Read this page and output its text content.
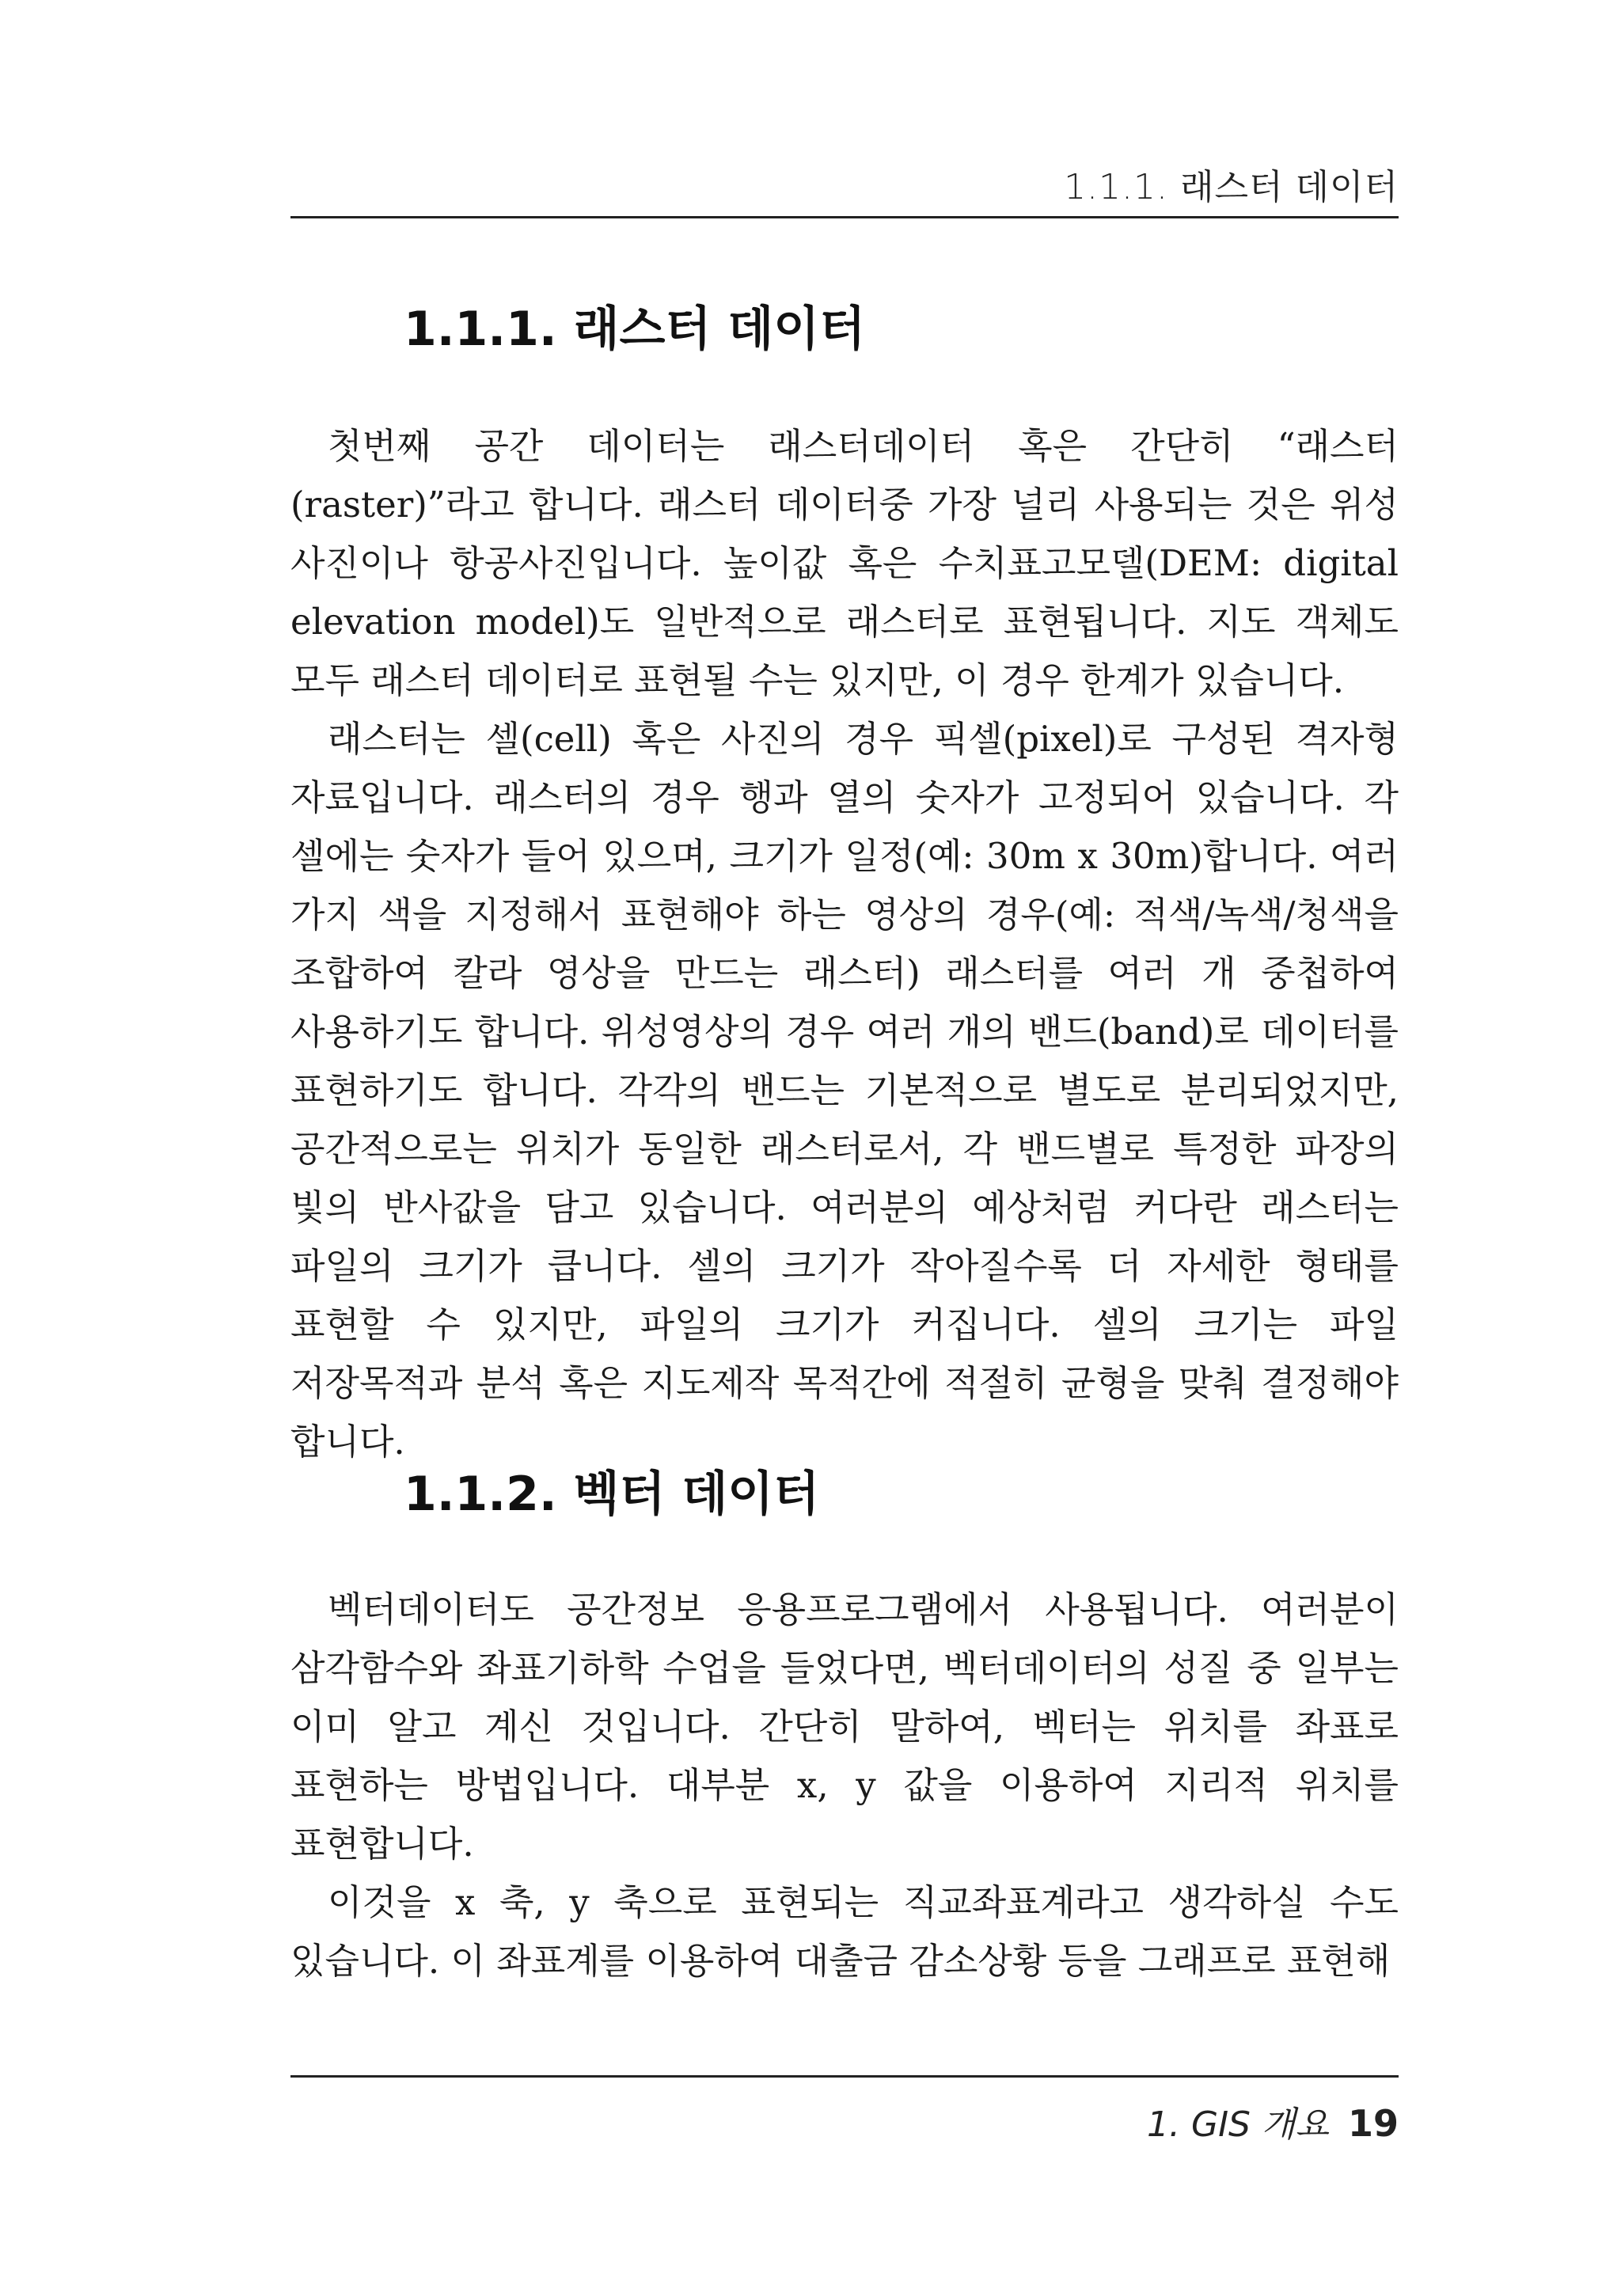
1.1.1. 래스터 데이터
1.1.1. 래스터 데이터

첫번째 공간 데이터는 래스터데이터 혹은 간단히 “래스터(raster)”라고 합니다. 래스터 데이터중 가장 널리 사용되는 것은 위성 사진이나 항공사진입니다. 높이값 혹은 수치표고모델(DEM: digital elevation model)도 일반적으로 래스터로 표현됩니다. 지도 객체도 모두 래스터 데이터로 표현될 수는 있지만, 이 경우 한계가 있습니다.

래스터는 셀(cell) 혹은 사진의 경우 픽셀(pixel)로 구성된 격자형 자료입니다. 래스터의 경우 행과 열의 숫자가 고정되어 있습니다. 각 셀에는 숫자가 들어 있으며, 크기가 일정(예: 30m x 30m)합니다. 여러 가지 색을 지정해서 표현해야 하는 영상의 경우(예: 적색/녹색/청색을 조합하여 칼라 영상을 만드는 래스터) 래스터를 여러 개 중첩하여 사용하기도 합니다. 위성영상의 경우 여러 개의 밴드(band)로 데이터를 표현하기도 합니다. 각각의 밴드는 기본적으로 별도로 분리되었지만, 공간적으로는 위치가 동일한 래스터로서, 각 밴드별로 특정한 파장의 빛의 반사값을 담고 있습니다. 여러분의 예상처럼 커다란 래스터는 파일의 크기가 큽니다. 셀의 크기가 작아질수록 더 자세한 형태를 표현할 수 있지만, 파일의 크기가 커집니다. 셀의 크기는 파일 저장목적과 분석 혹은 지도제작 목적간에 적절히 균형을 맞춰 결정해야 합니다.

1.1.2. 벡터 데이터

벡터데이터도 공간정보 응용프로그램에서 사용됩니다. 여러분이 삼각함수와 좌표기하학 수업을 들었다면, 벡터데이터의 성질 중 일부는 이미 알고 계신 것입니다. 간단히 말하여, 벡터는 위치를 좌표로 표현하는 방법입니다. 대부분 x, y 값을 이용하여 지리적 위치를 표현합니다.

이것을 x 축, y 축으로 표현되는 직교좌표계라고 생각하실 수도 있습니다. 이 좌표계를 이용하여 대출금 감소상황 등을 그래프로 표현해

1. GIS 개요 19
